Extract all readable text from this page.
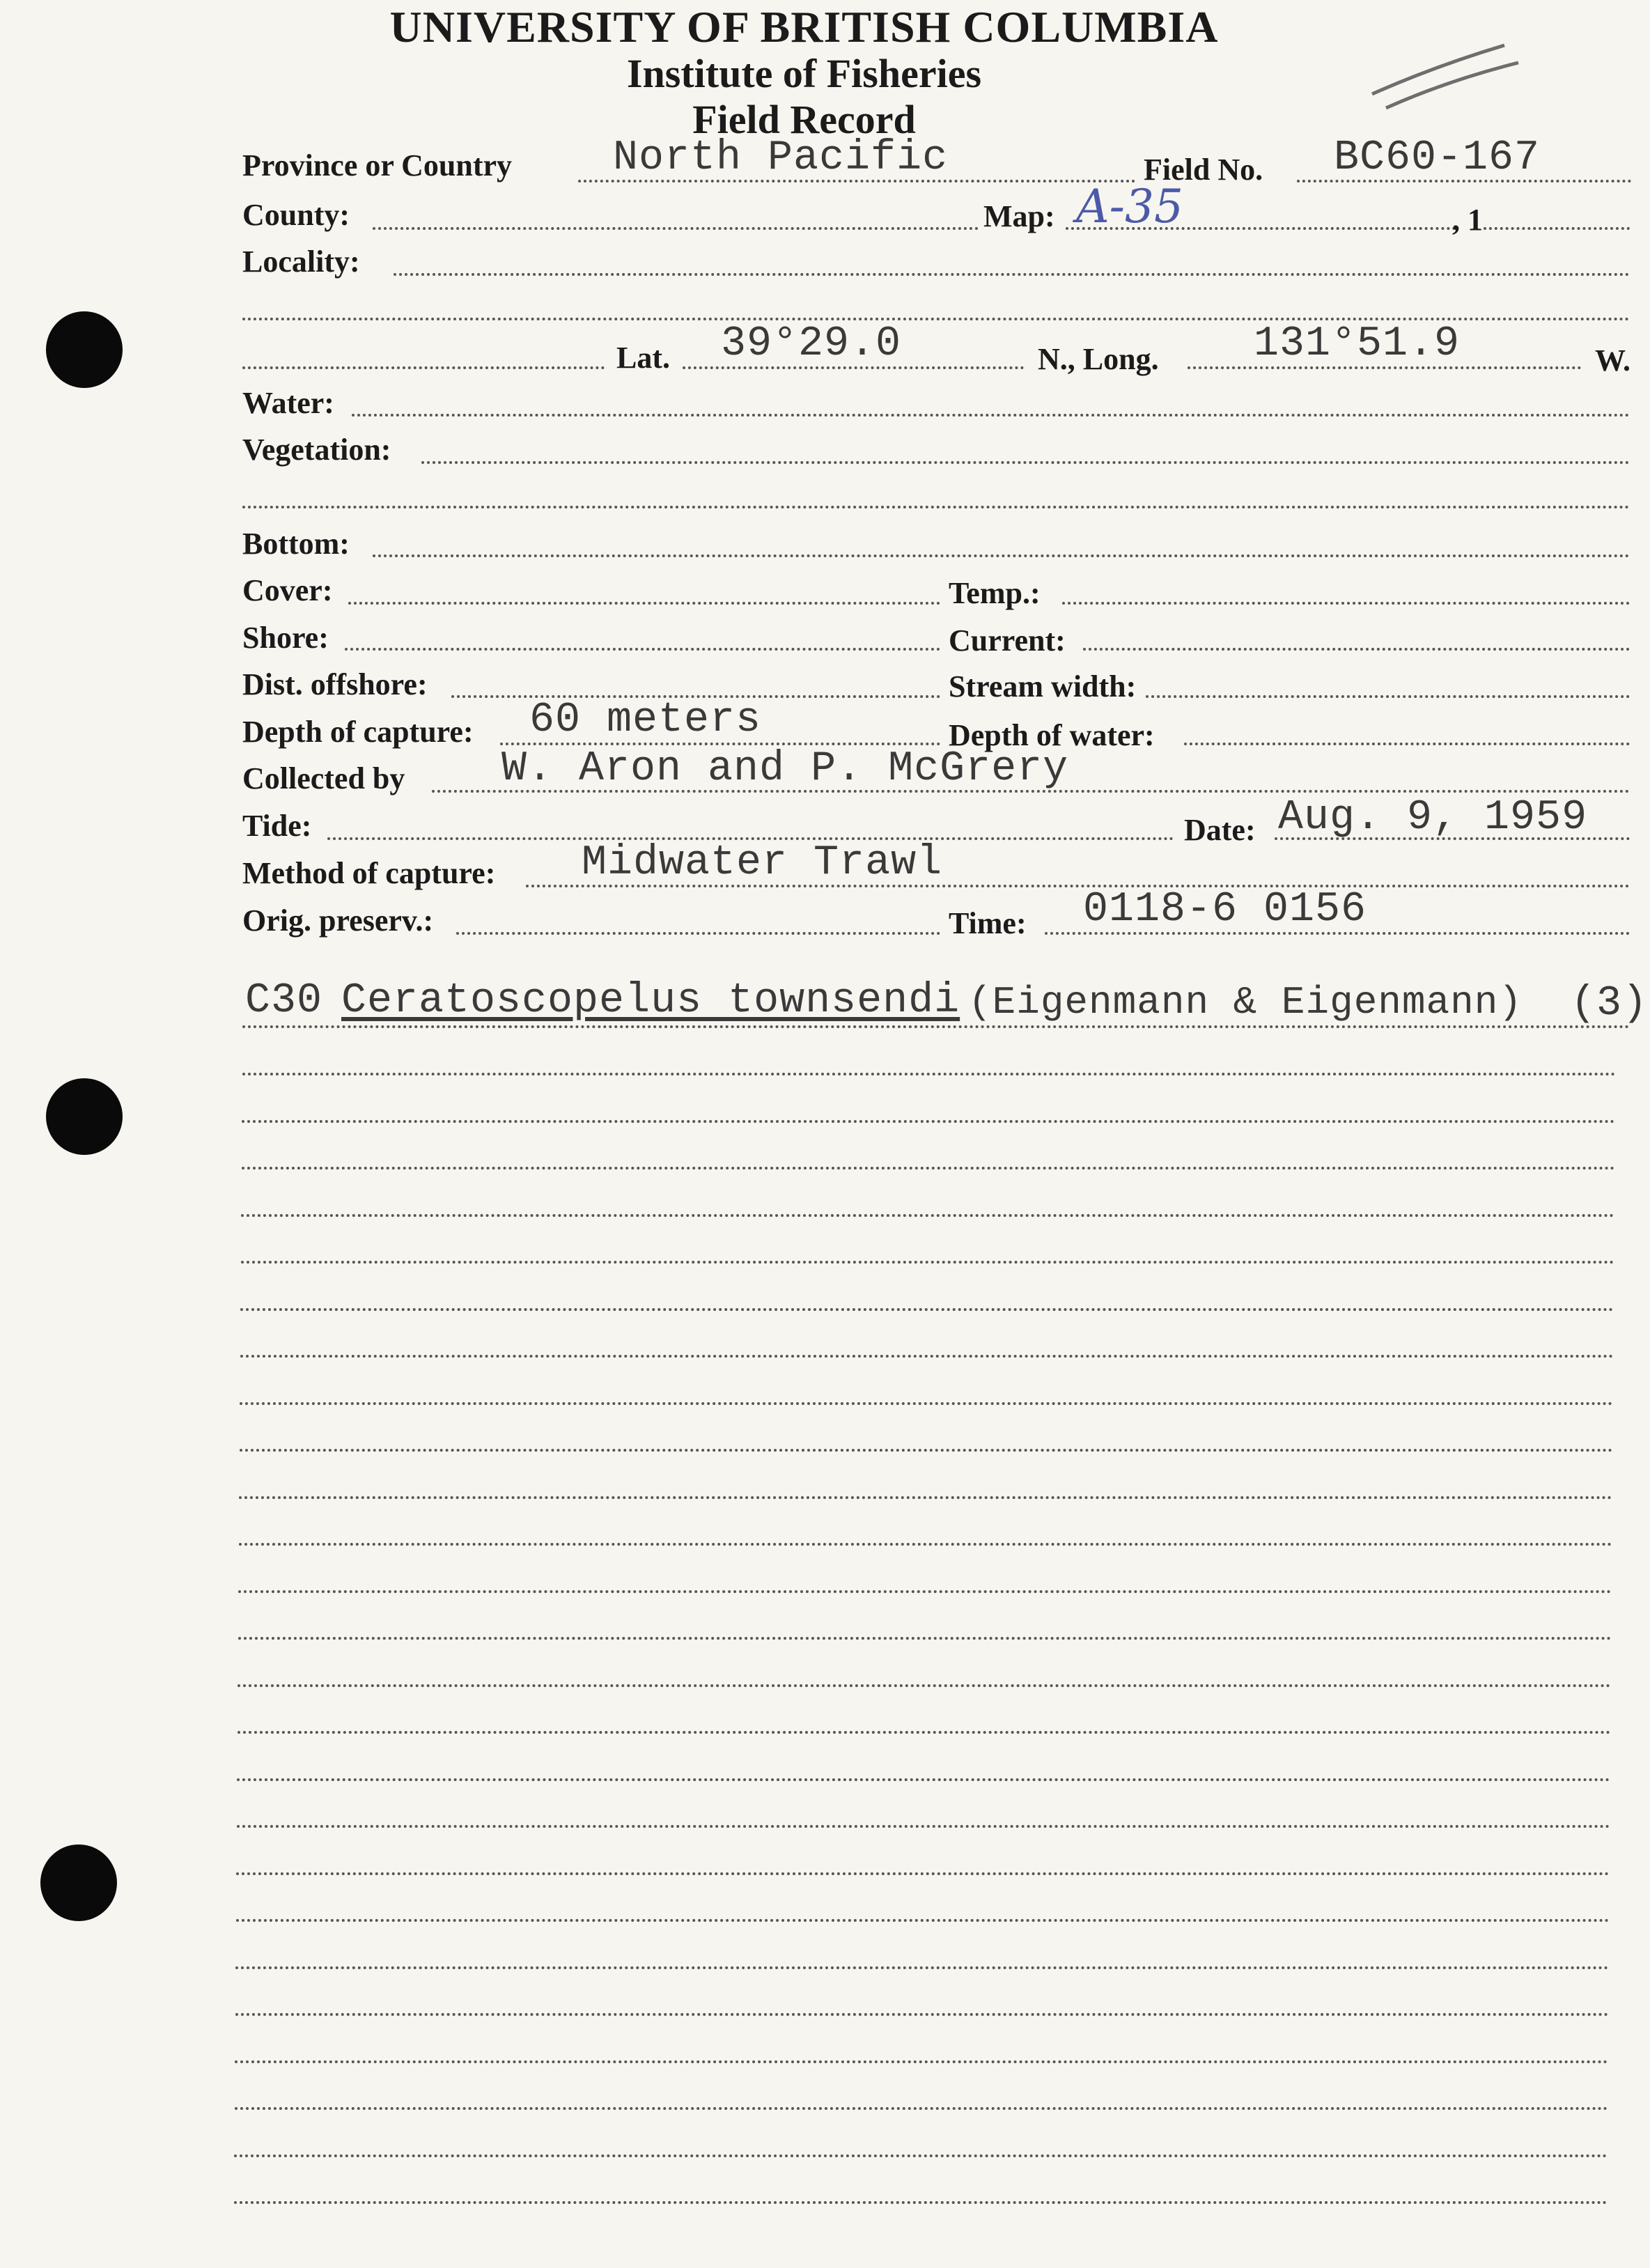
UNIVERSITY OF BRITISH COLUMBIA
Institute of Fisheries
Field Record
Province or Country North Pacific	Field No. BC60-167
County:	Map: A-35	, 1
Locality:
Lat. 39°29.0	N., Long. 131°51.9	W.
Water:
Vegetation:
Bottom:
Cover:	Temp.:
Shore:	Current:
Dist. offshore:	Stream width:
Depth of capture: 60 meters	Depth of water:
Collected by W. Aron and P. McGrery
Tide:	Date: Aug. 9, 1959
Method of capture: Midwater Trawl
Orig. preserv.:	Time: 0118-6 0156
C30 Ceratoscopelus townsendi (Eigenmann & Eigenmann) (3)
